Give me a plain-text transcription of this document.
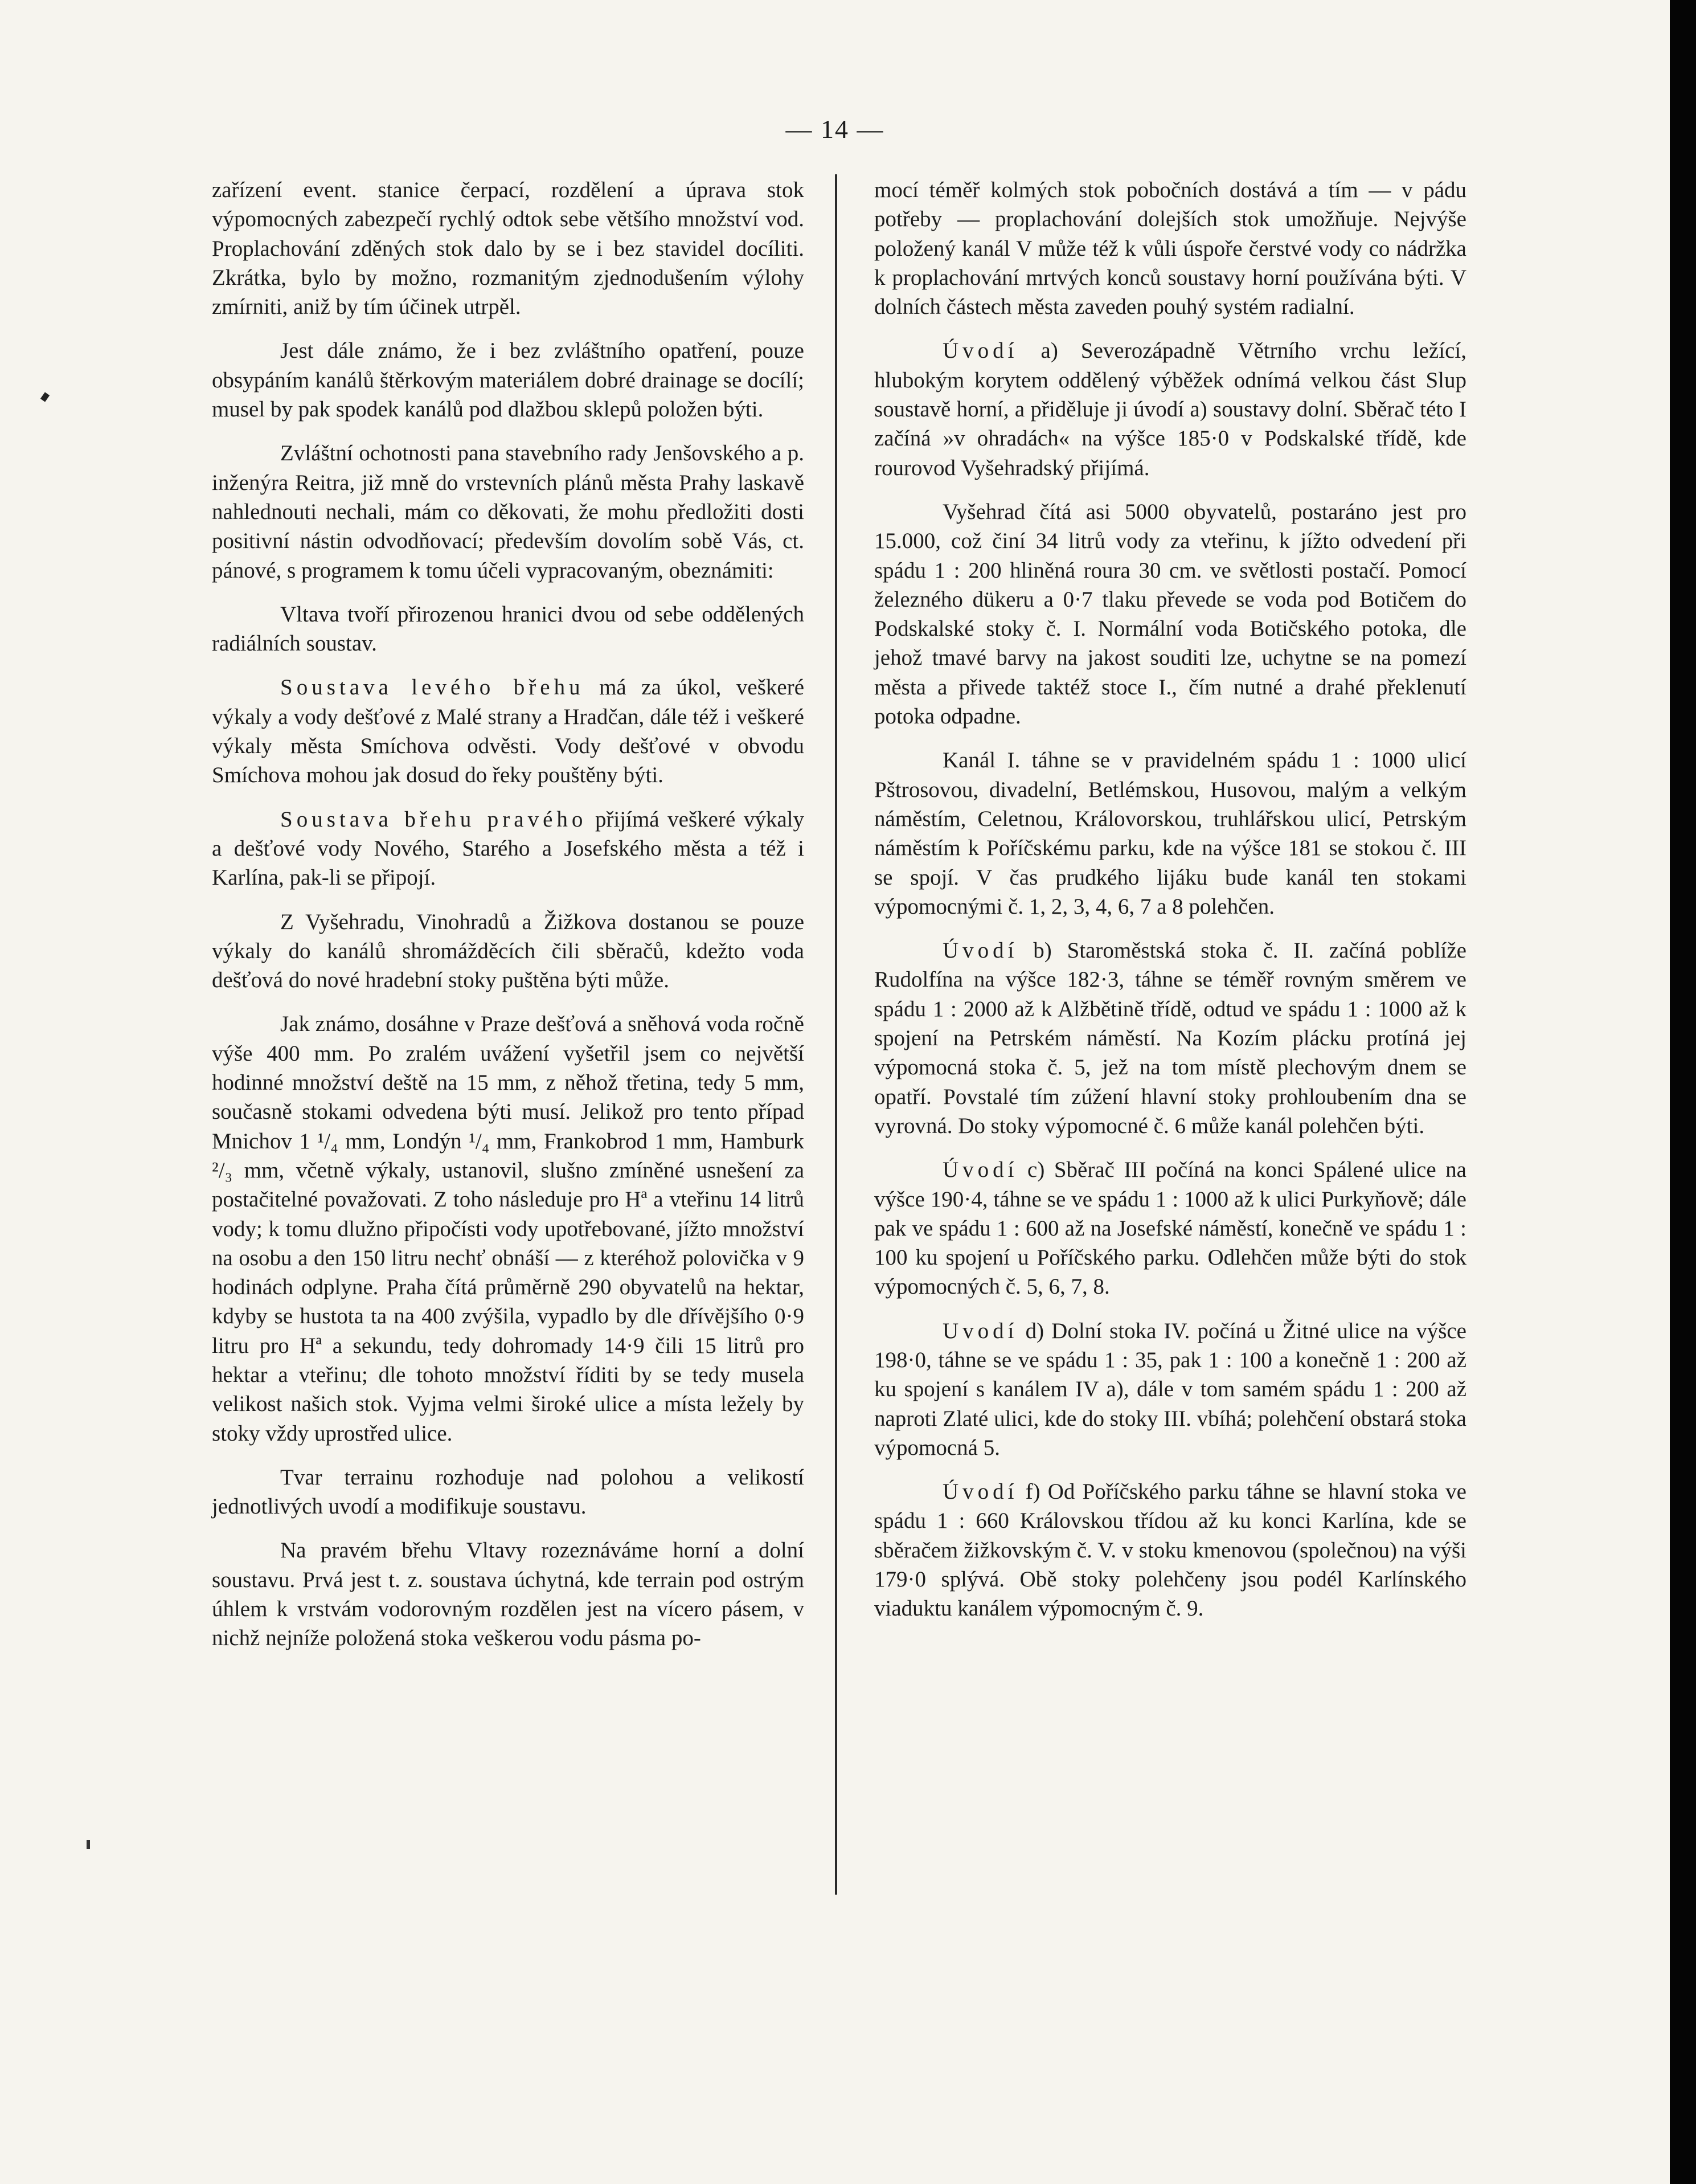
— 14 —

zařízení event. stanice čerpací, rozdělení a úprava stok výpomocných zabezpečí rychlý odtok sebe většího množství vod. Proplachování zděných stok dalo by se i bez stavidel docíliti. Zkrátka, bylo by možno, rozmanitým zjednodušením výlohy zmírniti, aniž by tím účinek utrpěl.

Jest dále známo, že i bez zvláštního opatření, pouze obsypáním kanálů štěrkovým materiálem dobré drainage se docílí; musel by pak spodek kanálů pod dlažbou sklepů položen býti.

Zvláštní ochotnosti pana stavebního rady Jenšovského a p. inženýra Reitra, již mně do vrstevních plánů města Prahy laskavě nahlednouti nechali, mám co děkovati, že mohu předložiti dosti positivní nástin odvodňovací; především dovolím sobě Vás, ct. pánové, s programem k tomu účeli vypracovaným, obeznámiti:

Vltava tvoří přirozenou hranici dvou od sebe oddělených radiálních soustav.

Soustava levého břehu má za úkol, veškeré výkaly a vody dešťové z Malé strany a Hradčan, dále též i veškeré výkaly města Smíchova odvěsti. Vody dešťové v obvodu Smíchova mohou jak dosud do řeky pouštěny býti.

Soustava břehu pravého přijímá veškeré výkaly a dešťové vody Nového, Starého a Josefského města a též i Karlína, pak-li se připojí.

Z Vyšehradu, Vinohradů a Žižkova dostanou se pouze výkaly do kanálů shromážděcích čili sběračů, kdežto voda dešťová do nové hradební stoky puštěna býti může.

Jak známo, dosáhne v Praze dešťová a sněhová voda ročně výše 400 mm. Po zralém uvážení vyšetřil jsem co největší hodinné množství deště na 15 mm, z něhož třetina, tedy 5 mm, současně stokami odvedena býti musí. Jelikož pro tento případ Mnichov 1 ¹/₄ mm, Londýn ¹/₄ mm, Frankobrod 1 mm, Hamburk ²/₃ mm, včetně výkaly, ustanovil, slušno zmíněné usnešení za postačitelné považovati. Z toho následuje pro Hª a vteřinu 14 litrů vody; k tomu dlužno připočísti vody upotřebované, jížto množství na osobu a den 150 litru nechť obnáší — z kteréhož polovička v 9 hodinách odplyne. Praha čítá průměrně 290 obyvatelů na hektar, kdyby se hustota ta na 400 zvýšila, vypadlo by dle dřívějšího 0·9 litru pro Hª a sekundu, tedy dohromady 14·9 čili 15 litrů pro hektar a vteřinu; dle tohoto množství říditi by se tedy musela velikost našich stok. Vyjma velmi široké ulice a místa ležely by stoky vždy uprostřed ulice.

Tvar terrainu rozhoduje nad polohou a velikostí jednotlivých uvodí a modifikuje soustavu.

Na pravém břehu Vltavy rozeznáváme horní a dolní soustavu. Prvá jest t. z. soustava úchytná, kde terrain pod ostrým úhlem k vrstvám vodorovným rozdělen jest na vícero pásem, v nichž nejníže položená stoka veškerou vodu pásma po-

mocí téměř kolmých stok pobočních dostává a tím — v pádu potřeby — proplachování dolejších stok umožňuje. Nejvýše položený kanál V může též k vůli úspoře čerstvé vody co nádržka k proplachování mrtvých konců soustavy horní používána býti. V dolních částech města zaveden pouhý systém radialní.

Úvodí a) Severozápadně Větrního vrchu ležící, hlubokým korytem oddělený výběžek odnímá velkou část Slup soustavě horní, a přiděluje ji úvodí a) soustavy dolní. Sběrač této I začíná »v ohradách« na výšce 185·0 v Podskalské třídě, kde rourovod Vyšehradský přijímá.

Vyšehrad čítá asi 5000 obyvatelů, postaráno jest pro 15.000, což činí 34 litrů vody za vteřinu, k jížto odvedení při spádu 1 : 200 hliněná roura 30 cm. ve světlosti postačí. Pomocí železného dükeru a 0·7 tlaku převede se voda pod Botičem do Podskalské stoky č. I. Normální voda Botičského potoka, dle jehož tmavé barvy na jakost souditi lze, uchytne se na pomezí města a přivede taktéž stoce I., čím nutné a drahé překlenutí potoka odpadne.

Kanál I. táhne se v pravidelném spádu 1 : 1000 ulicí Pštrosovou, divadelní, Betlémskou, Husovou, malým a velkým náměstím, Celetnou, Královorskou, truhlářskou ulicí, Petrským náměstím k Poříčskému parku, kde na výšce 181 se stokou č. III se spojí. V čas prudkého lijáku bude kanál ten stokami výpomocnými č. 1, 2, 3, 4, 6, 7 a 8 polehčen.

Úvodí b) Staroměstská stoka č. II. začíná poblíže Rudolfína na výšce 182·3, táhne se téměř rovným směrem ve spádu 1 : 2000 až k Alžbětině třídě, odtud ve spádu 1 : 1000 až k spojení na Petrském náměstí. Na Kozím plácku protíná jej výpomocná stoka č. 5, jež na tom místě plechovým dnem se opatří. Povstalé tím zúžení hlavní stoky prohloubením dna se vyrovná. Do stoky výpomocné č. 6 může kanál polehčen býti.

Úvodí c) Sběrač III počíná na konci Spálené ulice na výšce 190·4, táhne se ve spádu 1 : 1000 až k ulici Purkyňově; dále pak ve spádu 1 : 600 až na Josefské náměstí, konečně ve spádu 1 : 100 ku spojení u Poříčského parku. Odlehčen může býti do stok výpomocných č. 5, 6, 7, 8.

Uvodí d) Dolní stoka IV. počíná u Žitné ulice na výšce 198·0, táhne se ve spádu 1 : 35, pak 1 : 100 a konečně 1 : 200 až ku spojení s kanálem IV a), dále v tom samém spádu 1 : 200 až naproti Zlaté ulici, kde do stoky III. vbíhá; polehčení obstará stoka výpomocná 5.

Úvodí f) Od Poříčského parku táhne se hlavní stoka ve spádu 1 : 660 Královskou třídou až ku konci Karlína, kde se sběračem žižkovským č. V. v stoku kmenovou (společnou) na výši 179·0 splývá. Obě stoky polehčeny jsou podél Karlínského viaduktu kanálem výpomocným č. 9.
